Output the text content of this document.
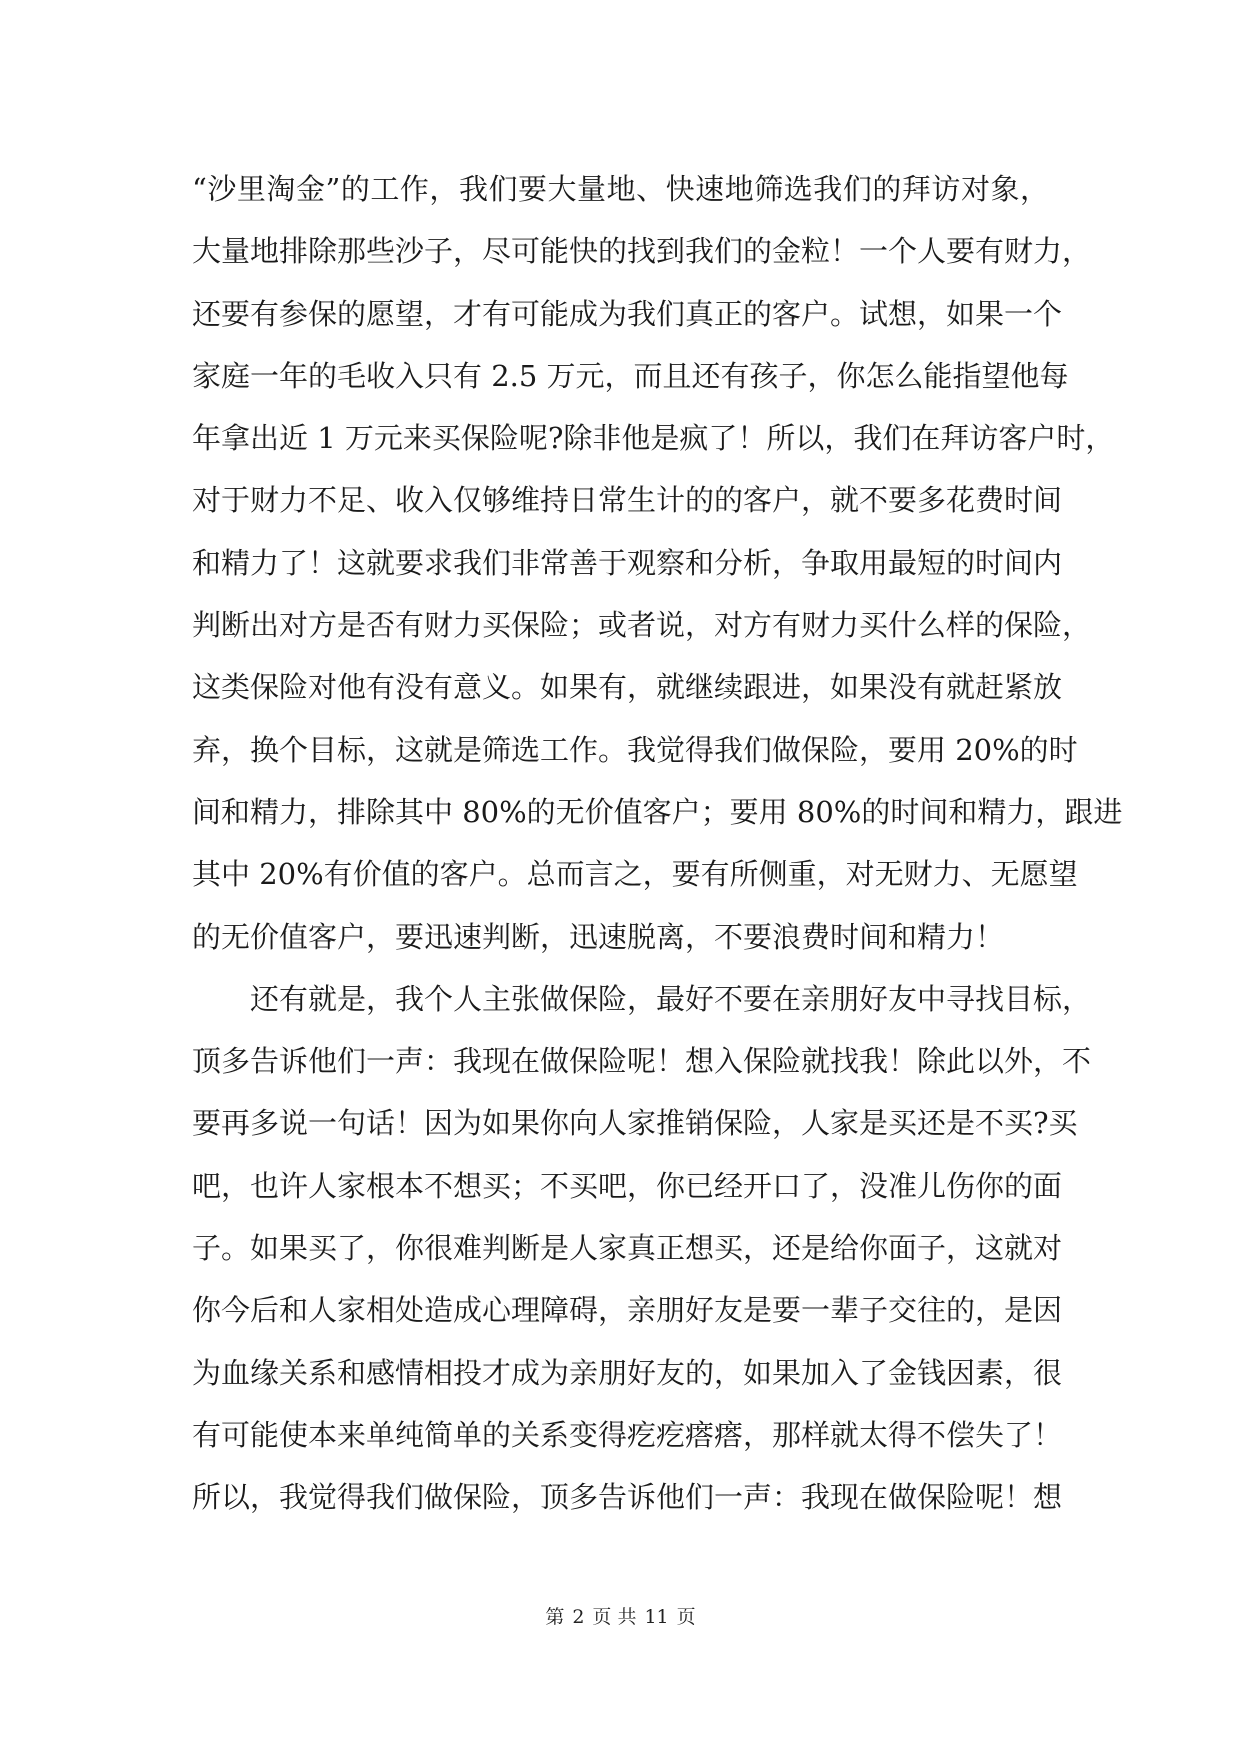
“沙里淘金”的工作，我们要大量地、快速地筛选我们的拜访对象，
大量地排除那些沙子，尽可能快的找到我们的金粒！一个人要有财力，
还要有参保的愿望，才有可能成为我们真正的客户。试想，如果一个
家庭一年的毛收入只有 2.5 万元，而且还有孩子，你怎么能指望他每
年拿出近 1 万元来买保险呢?除非他是疯了！所以，我们在拜访客户时，
对于财力不足、收入仅够维持日常生计的的客户，就不要多花费时间
和精力了！这就要求我们非常善于观察和分析，争取用最短的时间内
判断出对方是否有财力买保险；或者说，对方有财力买什么样的保险，
这类保险对他有没有意义。如果有，就继续跟进，如果没有就赶紧放
弃，换个目标，这就是筛选工作。我觉得我们做保险，要用 20%的时
间和精力，排除其中 80%的无价值客户；要用 80%的时间和精力，跟进
其中 20%有价值的客户。总而言之，要有所侧重，对无财力、无愿望
的无价值客户，要迅速判断，迅速脱离，不要浪费时间和精力！
还有就是，我个人主张做保险，最好不要在亲朋好友中寻找目标，
顶多告诉他们一声：我现在做保险呢！想入保险就找我！除此以外，不
要再多说一句话！因为如果你向人家推销保险，人家是买还是不买?买
吧，也许人家根本不想买；不买吧，你已经开口了，没准儿伤你的面
子。如果买了，你很难判断是人家真正想买，还是给你面子，这就对
你今后和人家相处造成心理障碍，亲朋好友是要一辈子交往的，是因
为血缘关系和感情相投才成为亲朋好友的，如果加入了金钱因素，很
有可能使本来单纯简单的关系变得疙疙瘩瘩，那样就太得不偿失了！
所以，我觉得我们做保险，顶多告诉他们一声：我现在做保险呢！想
第 2 页 共 11 页
